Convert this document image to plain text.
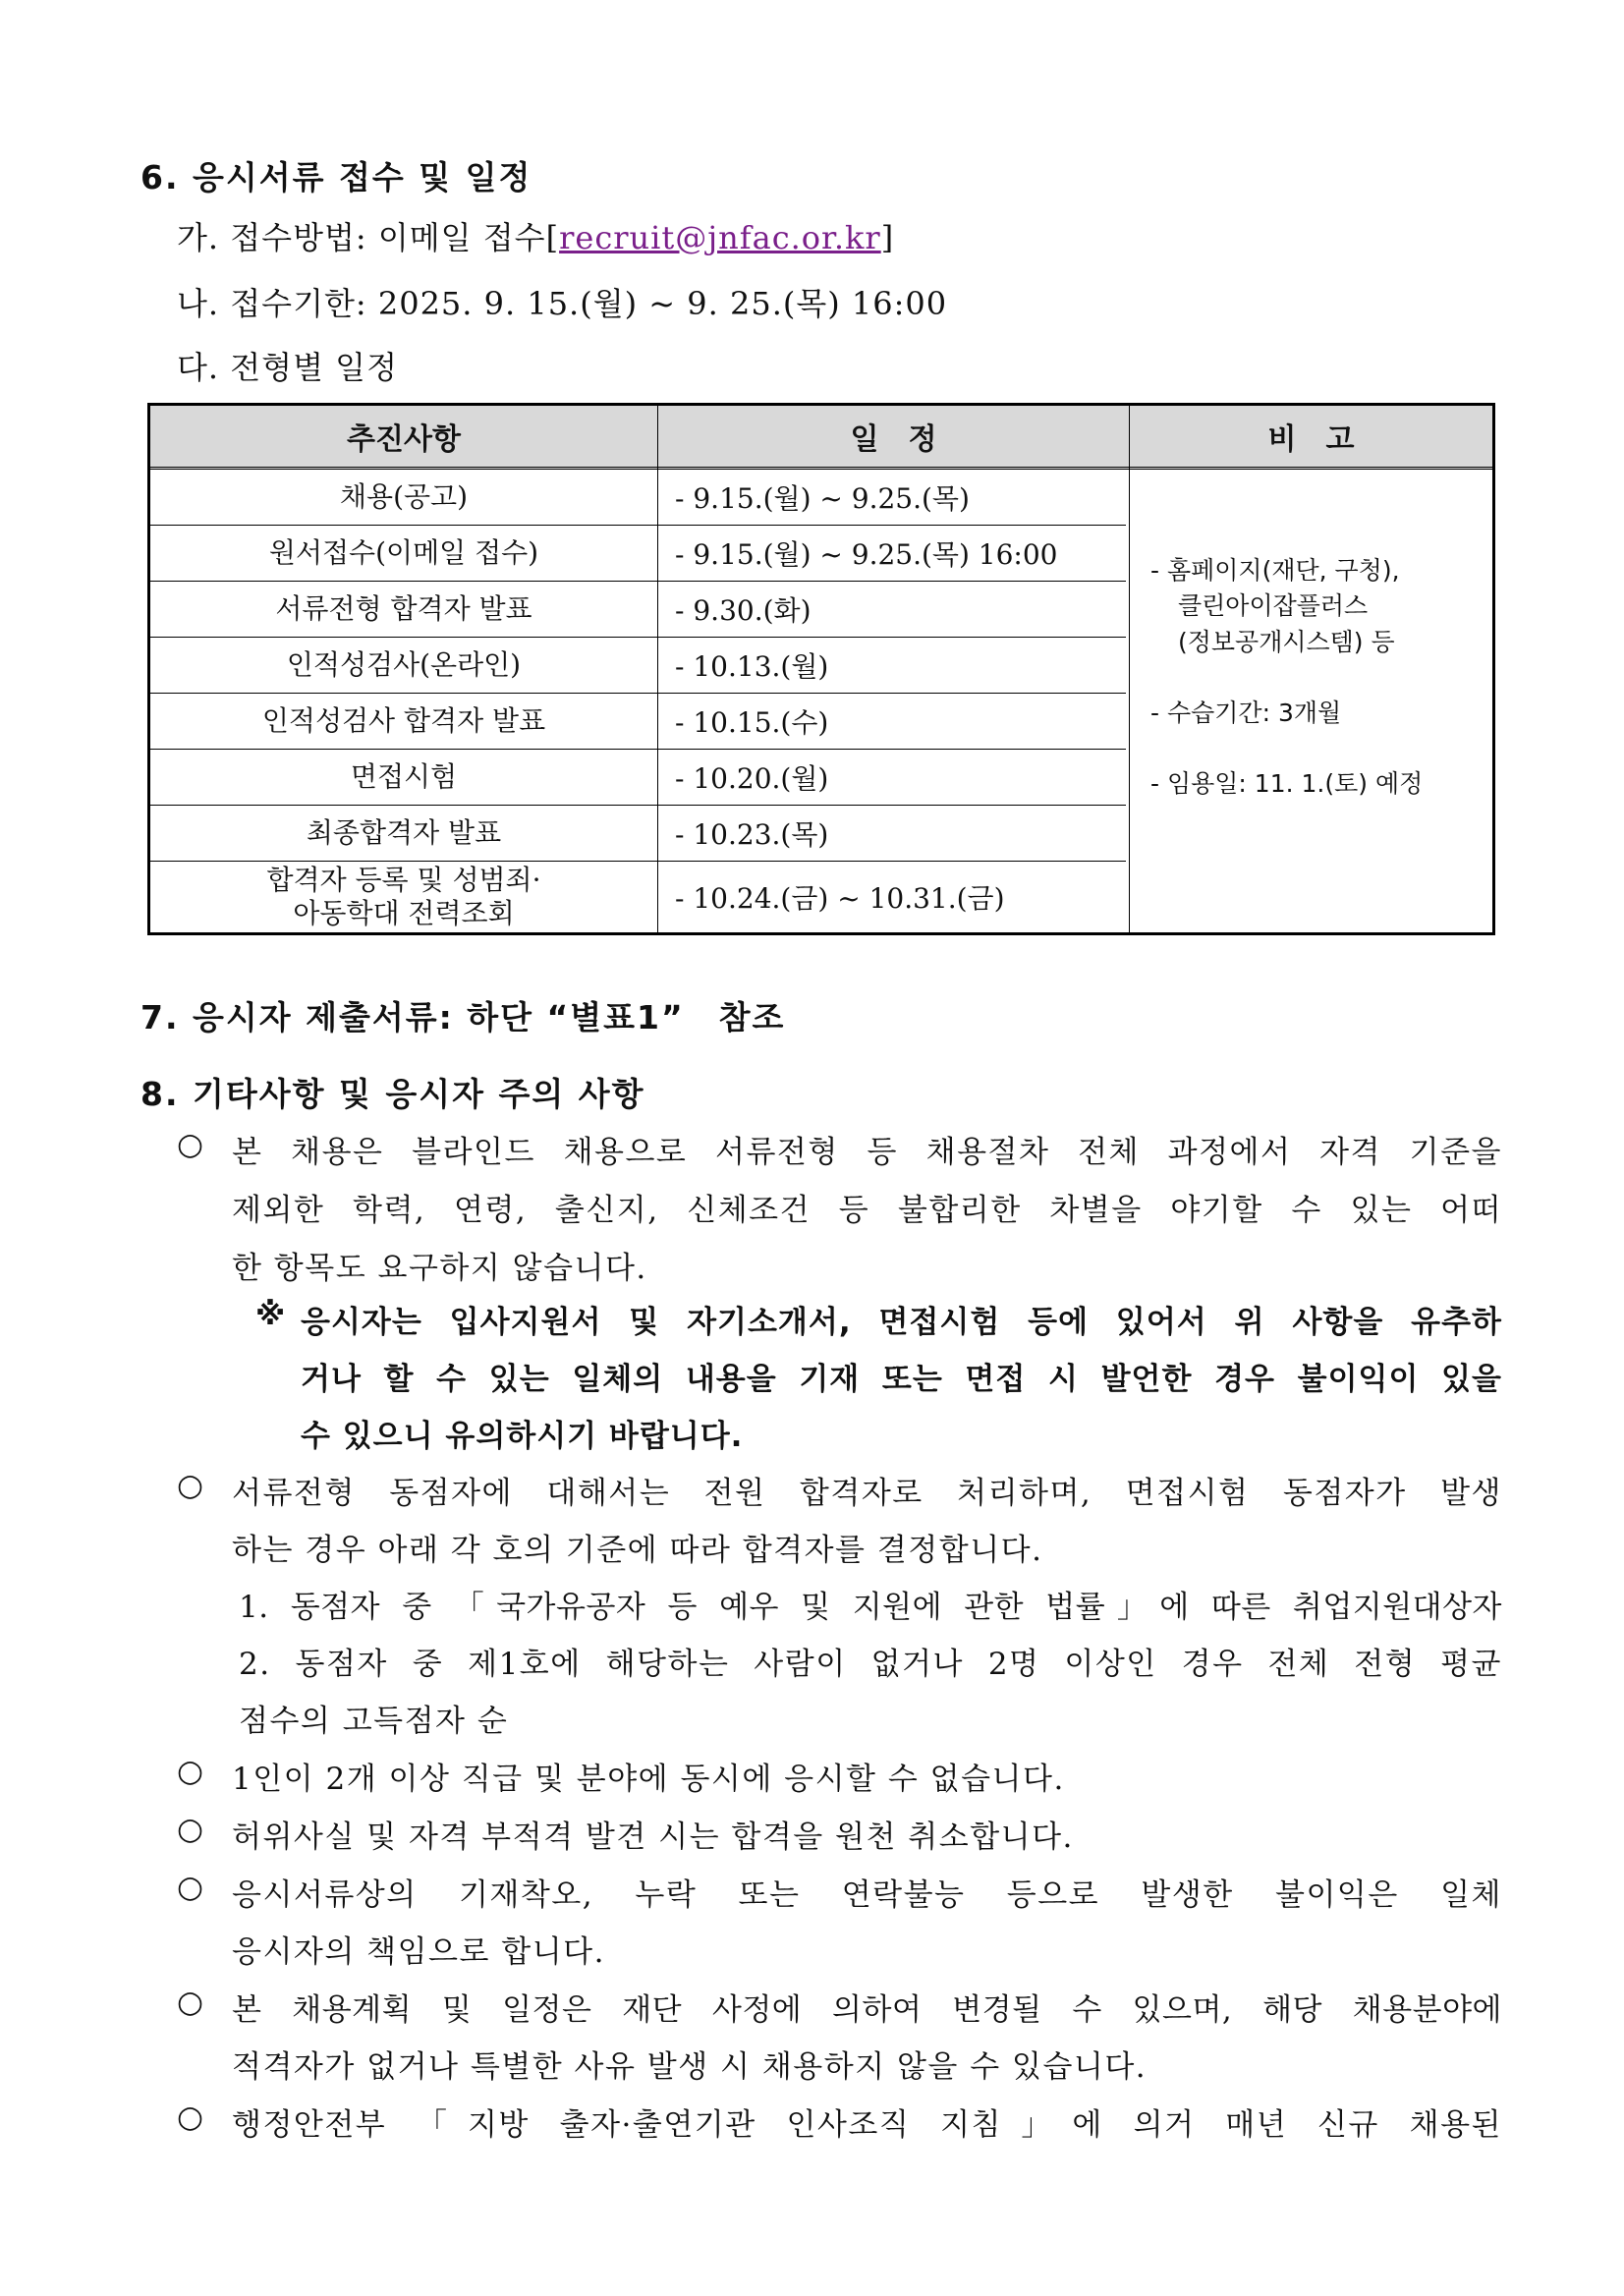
6. 응시서류 접수 및 일정
가. 접수방법: 이메일 접수[recruit@jnfac.or.kr]
나. 접수기한: 2025. 9. 15.(월) ~ 9. 25.(목) 16:00
다. 전형별 일정
추진사항	일　정	비　고
채용(공고)	- 9.15.(월) ~ 9.25.(목)
원서접수(이메일 접수)	- 9.15.(월) ~ 9.25.(목) 16:00
서류전형 합격자 발표	- 9.30.(화)
인적성검사(온라인)	- 10.13.(월)
인적성검사 합격자 발표	- 10.15.(수)
면접시험	- 10.20.(월)
최종합격자 발표	- 10.23.(목)
합격자 등록 및 성범죄·
아동학대 전력조회	- 10.24.(금) ~ 10.31.(금)
- 홈페이지(재단, 구청),
클린아이잡플러스
(정보공개시스템) 등
- 수습기간: 3개월
- 임용일: 11. 1.(토) 예정
7. 응시자 제출서류: 하단 “별표1”　참조
8. 기타사항 및 응시자 주의 사항
○ 본 채용은 블라인드 채용으로 서류전형 등 채용절차 전체 과정에서 자격 기준을
제외한 학력, 연령, 출신지, 신체조건 등 불합리한 차별을 야기할 수 있는 어떠
한 항목도 요구하지 않습니다.
※ 응시자는 입사지원서 및 자기소개서, 면접시험 등에 있어서 위 사항을 유추하
거나 할 수 있는 일체의 내용을 기재 또는 면접 시 발언한 경우 불이익이 있을
수 있으니 유의하시기 바랍니다.
○ 서류전형 동점자에 대해서는 전원 합격자로 처리하며, 면접시험 동점자가 발생
하는 경우 아래 각 호의 기준에 따라 합격자를 결정합니다.
1. 동점자 중 「국가유공자 등 예우 및 지원에 관한 법률」에 따른 취업지원대상자
2. 동점자 중 제1호에 해당하는 사람이 없거나 2명 이상인 경우 전체 전형 평균
점수의 고득점자 순
○ 1인이 2개 이상 직급 및 분야에 동시에 응시할 수 없습니다.
○ 허위사실 및 자격 부적격 발견 시는 합격을 원천 취소합니다.
○ 응시서류상의 기재착오, 누락 또는 연락불능 등으로 발생한 불이익은 일체
응시자의 책임으로 합니다.
○ 본 채용계획 및 일정은 재단 사정에 의하여 변경될 수 있으며, 해당 채용분야에
적격자가 없거나 특별한 사유 발생 시 채용하지 않을 수 있습니다.
○ 행정안전부 「지방 출자·출연기관 인사조직 지침」에 의거 매년 신규 채용된
